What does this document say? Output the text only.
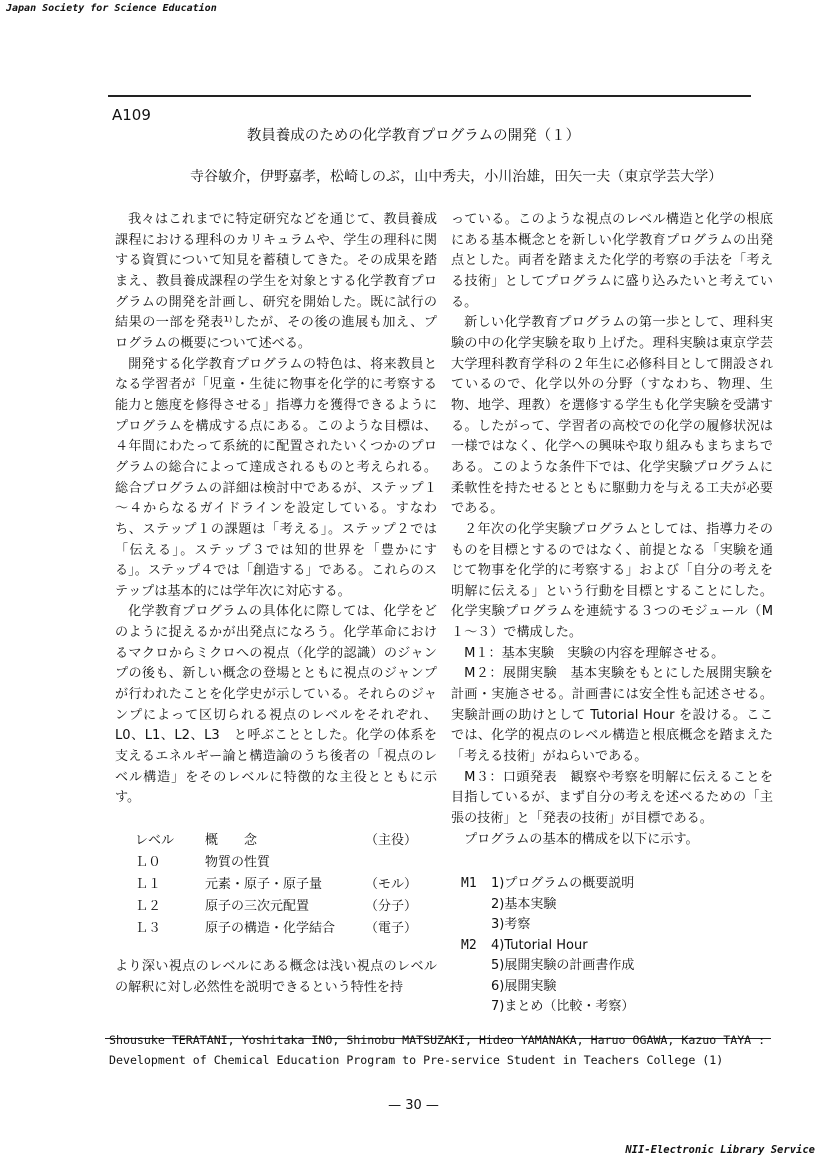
Japan Society for Science Education
A109
教員養成のための化学教育プログラムの開発（１）
寺谷敏介，伊野嘉孝，松崎しのぶ，山中秀夫，小川治雄，田矢一夫（東京学芸大学）

我々はこれまでに特定研究などを通じて、教員養成課程における理科のカリキュラムや、学生の理科に関する資質について知見を蓄積してきた。その成果を踏まえ、教員養成課程の学生を対象とする化学教育プログラムの開発を計画し、研究を開始した。既に試行の結果の一部を発表¹⁾したが、その後の進展も加え、プログラムの概要について述べる。

開発する化学教育プログラムの特色は、将来教員となる学習者が「児童・生徒に物事を化学的に考察する能力と態度を修得させる」指導力を獲得できるようにプログラムを構成する点にある。このような目標は、４年間にわたって系統的に配置されたいくつかのプログラムの総合によって達成されるものと考えられる。総合プログラムの詳細は検討中であるが、ステップ１～４からなるガイドラインを設定している。すなわち、ステップ１の課題は「考える」。ステップ２では「伝える」。ステップ３では知的世界を「豊かにする」。ステップ４では「創造する」である。これらのステップは基本的には学年次に対応する。

化学教育プログラムの具体化に際しては、化学をどのように捉えるかが出発点になろう。化学革命におけるマクロからミクロへの視点（化学的認識）のジャンプの後も、新しい概念の登場とともに視点のジャンプが行われたことを化学史が示している。それらのジャンプによって区切られる視点のレベルをそれぞれ、L0、L1、L2、L3　と呼ぶこととした。化学の体系を支えるエネルギー論と構造論のうち後者の「視点のレベル構造」をそのレベルに特徴的な主役とともに示す。

レベル	概　　念	（主役）
Ｌ０	物質の性質	
Ｌ１	元素・原子・原子量	（モル）
Ｌ２	原子の三次元配置	（分子）
Ｌ３	原子の構造・化学結合	（電子）

より深い視点のレベルにある概念は浅い視点のレベルの解釈に対し必然性を説明できるという特性を持

っている。このような視点のレベル構造と化学の根底にある基本概念とを新しい化学教育プログラムの出発点とした。両者を踏まえた化学的考察の手法を「考える技術」としてプログラムに盛り込みたいと考えている。

新しい化学教育プログラムの第一歩として、理科実験の中の化学実験を取り上げた。理科実験は東京学芸大学理科教育学科の２年生に必修科目として開設されているので、化学以外の分野（すなわち、物理、生物、地学、理教）を選修する学生も化学実験を受講する。したがって、学習者の高校での化学の履修状況は一様ではなく、化学への興味や取り組みもまちまちである。このような条件下では、化学実験プログラムに柔軟性を持たせるとともに駆動力を与える工夫が必要である。

２年次の化学実験プログラムとしては、指導力そのものを目標とするのではなく、前提となる「実験を通じて物事を化学的に考察する」および「自分の考えを明解に伝える」という行動を目標とすることにした。化学実験プログラムを連続する３つのモジュール（M１～３）で構成した。

M１：基本実験　実験の内容を理解させる。

M２：展開実験　基本実験をもとにした展開実験を計画・実施させる。計画書には安全性も記述させる。実験計画の助けとして Tutorial Hour を設ける。ここでは、化学的視点のレベル構造と根底概念を踏まえた「考える技術」がねらいである。

M３：口頭発表　観察や考察を明解に伝えることを目指しているが、まず自分の考えを述べるための「主張の技術」と「発表の技術」が目標である。

プログラムの基本的構成を以下に示す。

M1	1)プログラムの概要説明
2)基本実験
3)考察
M2	4)Tutorial Hour
5)展開実験の計画書作成
6)展開実験
7)まとめ（比較・考察）
Shousuke TERATANI, Yoshitaka INO, Shinobu MATSUZAKI, Hideo YAMANAKA, Haruo OGAWA, Kazuo TAYA :
Development of Chemical Education Program to Pre-service Student in Teachers College (1)
— 30 —
NII-Electronic Library Service
